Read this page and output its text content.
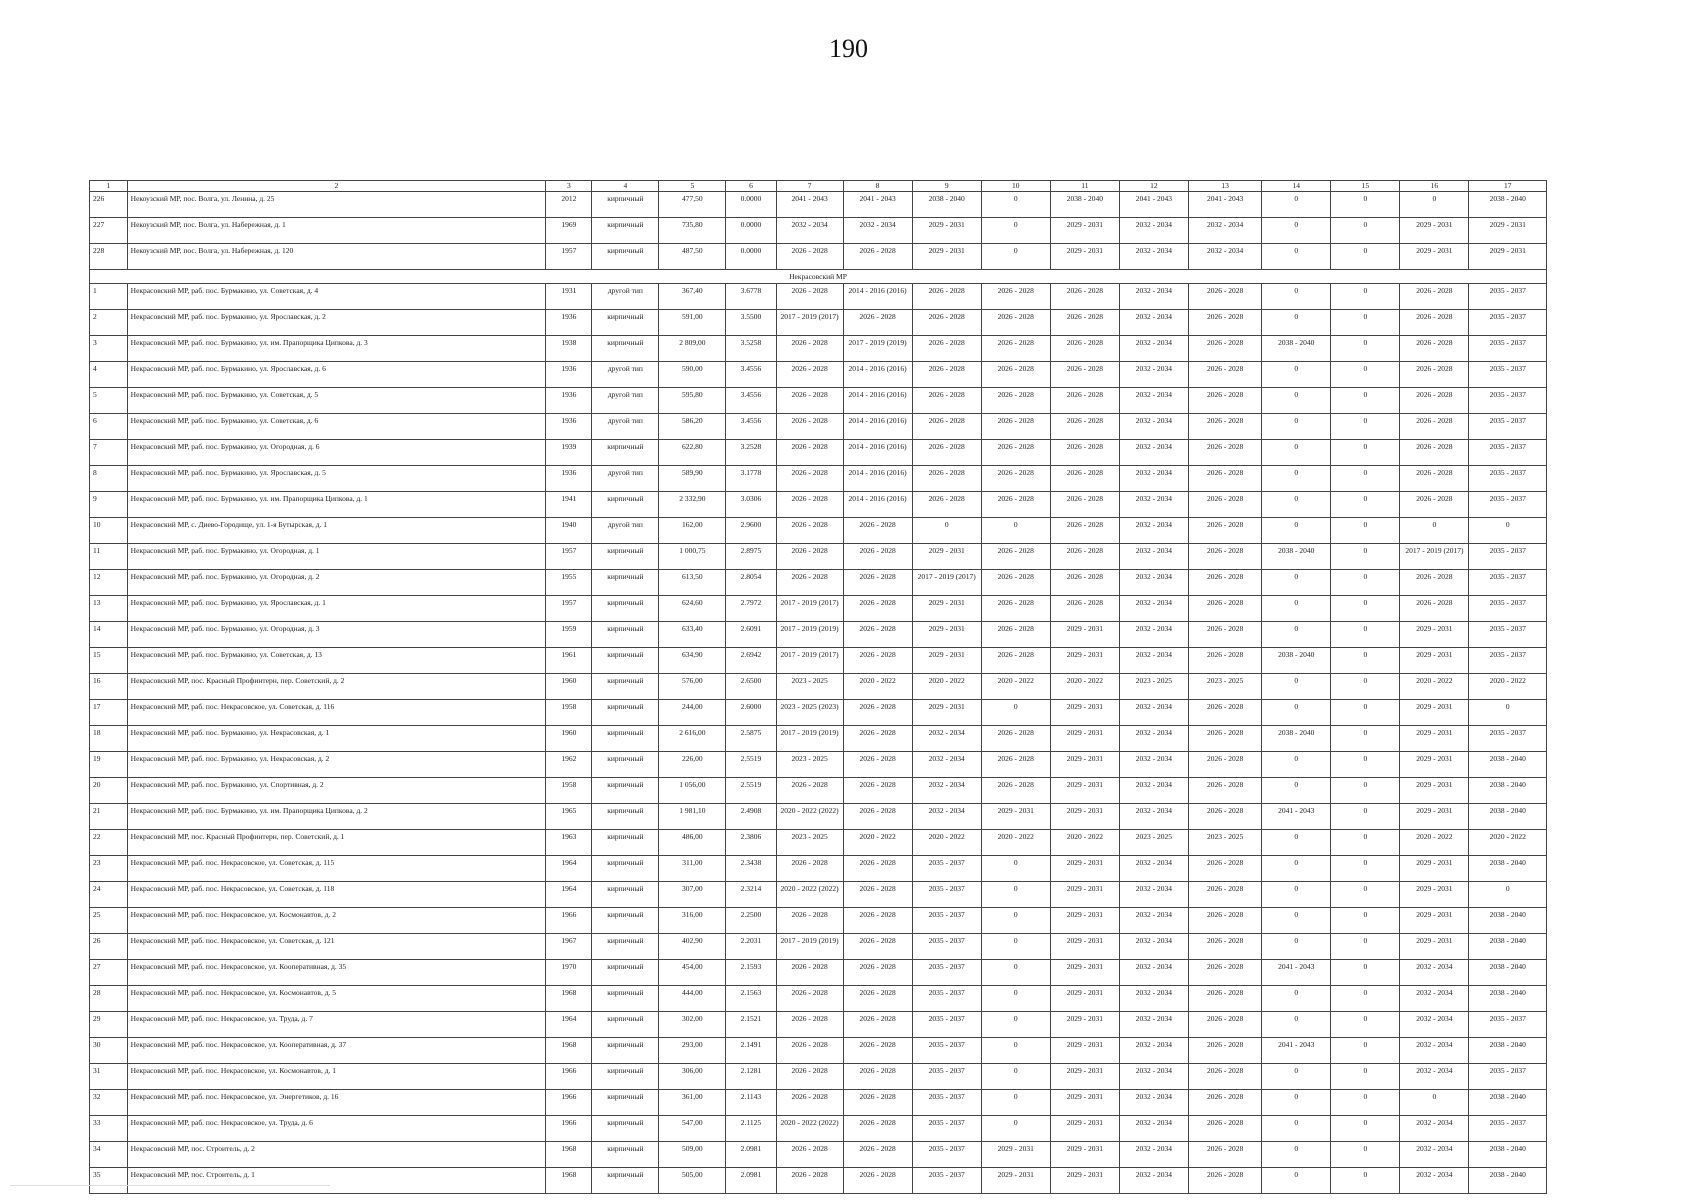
190
1	2	3	4	5	6	7	8	9	10	11	12	13	14	15	16	17
226	Некоузский МР, пос. Волга, ул. Ленина, д. 25	2012	кирпичный	477,50	0.0000	2041 - 2043	2041 - 2043	2038 - 2040	0	2038 - 2040	2041 - 2043	2041 - 2043	0	0	0	2038 - 2040
227	Некоузский МР, пос. Волга, ул. Набережная, д. 1	1969	кирпичный	735,80	0.0000	2032 - 2034	2032 - 2034	2029 - 2031	0	2029 - 2031	2032 - 2034	2032 - 2034	0	0	2029 - 2031	2029 - 2031
228	Некоузский МР, пос. Волга, ул. Набережная, д. 120	1957	кирпичный	487,50	0.0000	2026 - 2028	2026 - 2028	2029 - 2031	0	2029 - 2031	2032 - 2034	2032 - 2034	0	0	2029 - 2031	2029 - 2031
Некрасовский МР																
1	Некрасовский МР, раб. пос. Бурмакино, ул. Советская, д. 4	1931	другой тип	367,40	3.6778	2026 - 2028	2014 - 2016 (2016)	2026 - 2028	2026 - 2028	2026 - 2028	2032 - 2034	2026 - 2028	0	0	2026 - 2028	2035 - 2037
2	Некрасовский МР, раб. пос. Бурмакино, ул. Ярославская, д. 2	1936	кирпичный	591,00	3.5500	2017 - 2019 (2017)	2026 - 2028	2026 - 2028	2026 - 2028	2026 - 2028	2032 - 2034	2026 - 2028	0	0	2026 - 2028	2035 - 2037
3	Некрасовский МР, раб. пос. Бурмакино, ул. им. Прапорщика Ципкова, д. 3	1938	кирпичный	2 809,00	3.5258	2026 - 2028	2017 - 2019 (2019)	2026 - 2028	2026 - 2028	2026 - 2028	2032 - 2034	2026 - 2028	2038 - 2040	0	2026 - 2028	2035 - 2037
4	Некрасовский МР, раб. пос. Бурмакино, ул. Ярославская, д. 6	1936	другой тип	590,00	3.4556	2026 - 2028	2014 - 2016 (2016)	2026 - 2028	2026 - 2028	2026 - 2028	2032 - 2034	2026 - 2028	0	0	2026 - 2028	2035 - 2037
5	Некрасовский МР, раб. пос. Бурмакино, ул. Советская, д. 5	1936	другой тип	595,80	3.4556	2026 - 2028	2014 - 2016 (2016)	2026 - 2028	2026 - 2028	2026 - 2028	2032 - 2034	2026 - 2028	0	0	2026 - 2028	2035 - 2037
6	Некрасовский МР, раб. пос. Бурмакино, ул. Советская, д. 6	1936	другой тип	586,20	3.4556	2026 - 2028	2014 - 2016 (2016)	2026 - 2028	2026 - 2028	2026 - 2028	2032 - 2034	2026 - 2028	0	0	2026 - 2028	2035 - 2037
7	Некрасовский МР, раб. пос. Бурмакино, ул. Огородная, д. 6	1939	кирпичный	622,80	3.2528	2026 - 2028	2014 - 2016 (2016)	2026 - 2028	2026 - 2028	2026 - 2028	2032 - 2034	2026 - 2028	0	0	2026 - 2028	2035 - 2037
8	Некрасовский МР, раб. пос. Бурмакино, ул. Ярославская, д. 5	1936	другой тип	589,90	3.1778	2026 - 2028	2014 - 2016 (2016)	2026 - 2028	2026 - 2028	2026 - 2028	2032 - 2034	2026 - 2028	0	0	2026 - 2028	2035 - 2037
9	Некрасовский МР, раб. пос. Бурмакино, ул. им. Прапорщика Ципкова, д. 1	1941	кирпичный	2 332,90	3.0306	2026 - 2028	2014 - 2016 (2016)	2026 - 2028	2026 - 2028	2026 - 2028	2032 - 2034	2026 - 2028	0	0	2026 - 2028	2035 - 2037
10	Некрасовский МР, с. Диево-Городище, ул. 1-я Бутырская, д. 1	1940	другой тип	162,00	2.9600	2026 - 2028	2026 - 2028	0	0	2026 - 2028	2032 - 2034	2026 - 2028	0	0	0	0
11	Некрасовский МР, раб. пос. Бурмакино, ул. Огородная, д. 1	1957	кирпичный	1 000,75	2.8975	2026 - 2028	2026 - 2028	2029 - 2031	2026 - 2028	2026 - 2028	2032 - 2034	2026 - 2028	2038 - 2040	0	2017 - 2019 (2017)	2035 - 2037
12	Некрасовский МР, раб. пос. Бурмакино, ул. Огородная, д. 2	1955	кирпичный	613,50	2.8054	2026 - 2028	2026 - 2028	2017 - 2019 (2017)	2026 - 2028	2026 - 2028	2032 - 2034	2026 - 2028	0	0	2026 - 2028	2035 - 2037
13	Некрасовский МР, раб. пос. Бурмакино, ул. Ярославская, д. 1	1957	кирпичный	624,60	2.7972	2017 - 2019 (2017)	2026 - 2028	2029 - 2031	2026 - 2028	2026 - 2028	2032 - 2034	2026 - 2028	0	0	2026 - 2028	2035 - 2037
14	Некрасовский МР, раб. пос. Бурмакино, ул. Огородная, д. 3	1959	кирпичный	633,40	2.6091	2017 - 2019 (2019)	2026 - 2028	2029 - 2031	2026 - 2028	2029 - 2031	2032 - 2034	2026 - 2028	0	0	2029 - 2031	2035 - 2037
15	Некрасовский МР, раб. пос. Бурмакино, ул. Советская, д. 13	1961	кирпичный	634,90	2.6942	2017 - 2019 (2017)	2026 - 2028	2029 - 2031	2026 - 2028	2029 - 2031	2032 - 2034	2026 - 2028	2038 - 2040	0	2029 - 2031	2035 - 2037
16	Некрасовский МР, пос. Красный Профинтерн, пер. Советский, д. 2	1960	кирпичный	576,00	2.6500	2023 - 2025	2020 - 2022	2020 - 2022	2020 - 2022	2020 - 2022	2023 - 2025	2023 - 2025	0	0	2020 - 2022	2020 - 2022
17	Некрасовский МР, раб. пос. Некрасовское, ул. Советская, д. 116	1958	кирпичный	244,00	2.6000	2023 - 2025 (2023)	2026 - 2028	2029 - 2031	0	2029 - 2031	2032 - 2034	2026 - 2028	0	0	2029 - 2031	0
18	Некрасовский МР, раб. пос. Бурмакино, ул. Некрасовская, д. 1	1960	кирпичный	2 616,00	2.5875	2017 - 2019 (2019)	2026 - 2028	2032 - 2034	2026 - 2028	2029 - 2031	2032 - 2034	2026 - 2028	2038 - 2040	0	2029 - 2031	2035 - 2037
19	Некрасовский МР, раб. пос. Бурмакино, ул. Некрасовская, д. 2	1962	кирпичный	226,00	2.5519	2023 - 2025	2026 - 2028	2032 - 2034	2026 - 2028	2029 - 2031	2032 - 2034	2026 - 2028	0	0	2029 - 2031	2038 - 2040
20	Некрасовский МР, раб. пос. Бурмакино, ул. Спортивная, д. 2	1958	кирпичный	1 056,00	2.5519	2026 - 2028	2026 - 2028	2032 - 2034	2026 - 2028	2029 - 2031	2032 - 2034	2026 - 2028	0	0	2029 - 2031	2038 - 2040
21	Некрасовский МР, раб. пос. Бурмакино, ул. им. Прапорщика Ципкова, д. 2	1965	кирпичный	1 981,10	2.4908	2020 - 2022 (2022)	2026 - 2028	2032 - 2034	2029 - 2031	2029 - 2031	2032 - 2034	2026 - 2028	2041 - 2043	0	2029 - 2031	2038 - 2040
22	Некрасовский МР, пос. Красный Профинтерн, пер. Советский, д. 1	1963	кирпичный	486,00	2.3806	2023 - 2025	2020 - 2022	2020 - 2022	2020 - 2022	2020 - 2022	2023 - 2025	2023 - 2025	0	0	2020 - 2022	2020 - 2022
23	Некрасовский МР, раб. пос. Некрасовское, ул. Советская, д. 115	1964	кирпичный	311,00	2.3438	2026 - 2028	2026 - 2028	2035 - 2037	0	2029 - 2031	2032 - 2034	2026 - 2028	0	0	2029 - 2031	2038 - 2040
24	Некрасовский МР, раб. пос. Некрасовское, ул. Советская, д. 118	1964	кирпичный	307,00	2.3214	2020 - 2022 (2022)	2026 - 2028	2035 - 2037	0	2029 - 2031	2032 - 2034	2026 - 2028	0	0	2029 - 2031	0
25	Некрасовский МР, раб. пос. Некрасовское, ул. Космонавтов, д. 2	1966	кирпичный	316,00	2.2500	2026 - 2028	2026 - 2028	2035 - 2037	0	2029 - 2031	2032 - 2034	2026 - 2028	0	0	2029 - 2031	2038 - 2040
26	Некрасовский МР, раб. пос. Некрасовское, ул. Советская, д. 121	1967	кирпичный	402,90	2.2031	2017 - 2019 (2019)	2026 - 2028	2035 - 2037	0	2029 - 2031	2032 - 2034	2026 - 2028	0	0	2029 - 2031	2038 - 2040
27	Некрасовский МР, раб. пос. Некрасовское, ул. Кооперативная, д. 35	1970	кирпичный	454,00	2.1593	2026 - 2028	2026 - 2028	2035 - 2037	0	2029 - 2031	2032 - 2034	2026 - 2028	2041 - 2043	0	2032 - 2034	2038 - 2040
28	Некрасовский МР, раб. пос. Некрасовское, ул. Космонавтов, д. 5	1968	кирпичный	444,00	2.1563	2026 - 2028	2026 - 2028	2035 - 2037	0	2029 - 2031	2032 - 2034	2026 - 2028	0	0	2032 - 2034	2038 - 2040
29	Некрасовский МР, раб. пос. Некрасовское, ул. Труда, д. 7	1964	кирпичный	302,00	2.1521	2026 - 2028	2026 - 2028	2035 - 2037	0	2029 - 2031	2032 - 2034	2026 - 2028	0	0	2032 - 2034	2035 - 2037
30	Некрасовский МР, раб. пос. Некрасовское, ул. Кооперативная, д. 37	1968	кирпичный	293,00	2.1491	2026 - 2028	2026 - 2028	2035 - 2037	0	2029 - 2031	2032 - 2034	2026 - 2028	2041 - 2043	0	2032 - 2034	2038 - 2040
31	Некрасовский МР, раб. пос. Некрасовское, ул. Космонавтов, д. 1	1966	кирпичный	306,00	2.1281	2026 - 2028	2026 - 2028	2035 - 2037	0	2029 - 2031	2032 - 2034	2026 - 2028	0	0	2032 - 2034	2035 - 2037
32	Некрасовский МР, раб. пос. Некрасовское, ул. Энергетиков, д. 16	1966	кирпичный	361,00	2.1143	2026 - 2028	2026 - 2028	2035 - 2037	0	2029 - 2031	2032 - 2034	2026 - 2028	0	0	0	2038 - 2040
33	Некрасовский МР, раб. пос. Некрасовское, ул. Труда, д. 6	1966	кирпичный	547,00	2.1125	2020 - 2022 (2022)	2026 - 2028	2035 - 2037	0	2029 - 2031	2032 - 2034	2026 - 2028	0	0	2032 - 2034	2035 - 2037
34	Некрасовский МР, пос. Строитель, д. 2	1968	кирпичный	509,00	2.0981	2026 - 2028	2026 - 2028	2035 - 2037	2029 - 2031	2029 - 2031	2032 - 2034	2026 - 2028	0	0	2032 - 2034	2038 - 2040
35	Некрасовский МР, пос. Строитель, д. 1	1968	кирпичный	505,00	2.0981	2026 - 2028	2026 - 2028	2035 - 2037	2029 - 2031	2029 - 2031	2032 - 2034	2026 - 2028	0	0	2032 - 2034	2038 - 2040
